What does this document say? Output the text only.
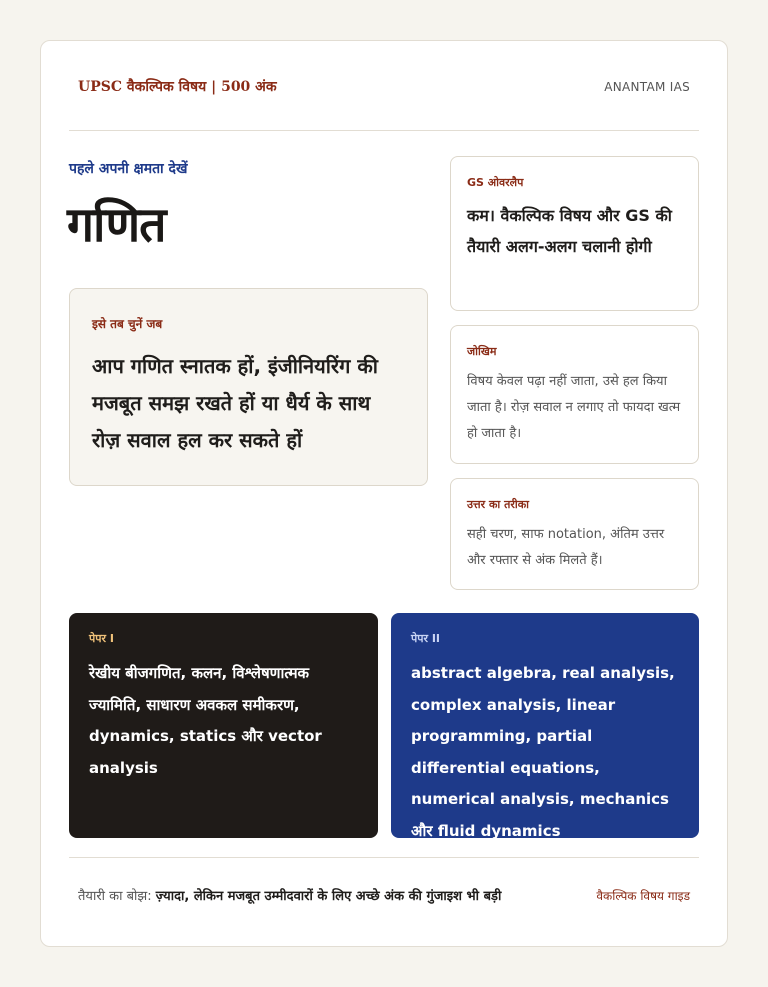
UPSC वैकल्पिक विषय | 500 अंक	ANANTAM IAS
पहले अपनी क्षमता देखें
गणित
इसे तब चुनें जब
आप गणित स्नातक हों, इंजीनियरिंग की मजबूत समझ रखते हों या धैर्य के साथ रोज़ सवाल हल कर सकते हों
GS ओवरलैप
कम। वैकल्पिक विषय और GS की तैयारी अलग-अलग चलानी होगी
जोखिम
विषय केवल पढ़ा नहीं जाता, उसे हल किया जाता है। रोज़ सवाल न लगाए तो फायदा खत्म हो जाता है।
उत्तर का तरीका
सही चरण, साफ notation, अंतिम उत्तर और रफ्तार से अंक मिलते हैं।
पेपर I
रेखीय बीजगणित, कलन, विश्लेषणात्मक ज्यामिति, साधारण अवकल समीकरण, dynamics, statics और vector analysis
पेपर II
abstract algebra, real analysis, complex analysis, linear programming, partial differential equations, numerical analysis, mechanics और fluid dynamics
तैयारी का बोझ: ज़्यादा, लेकिन मजबूत उम्मीदवारों के लिए अच्छे अंक की गुंजाइश भी बड़ी	वैकल्पिक विषय गाइड
